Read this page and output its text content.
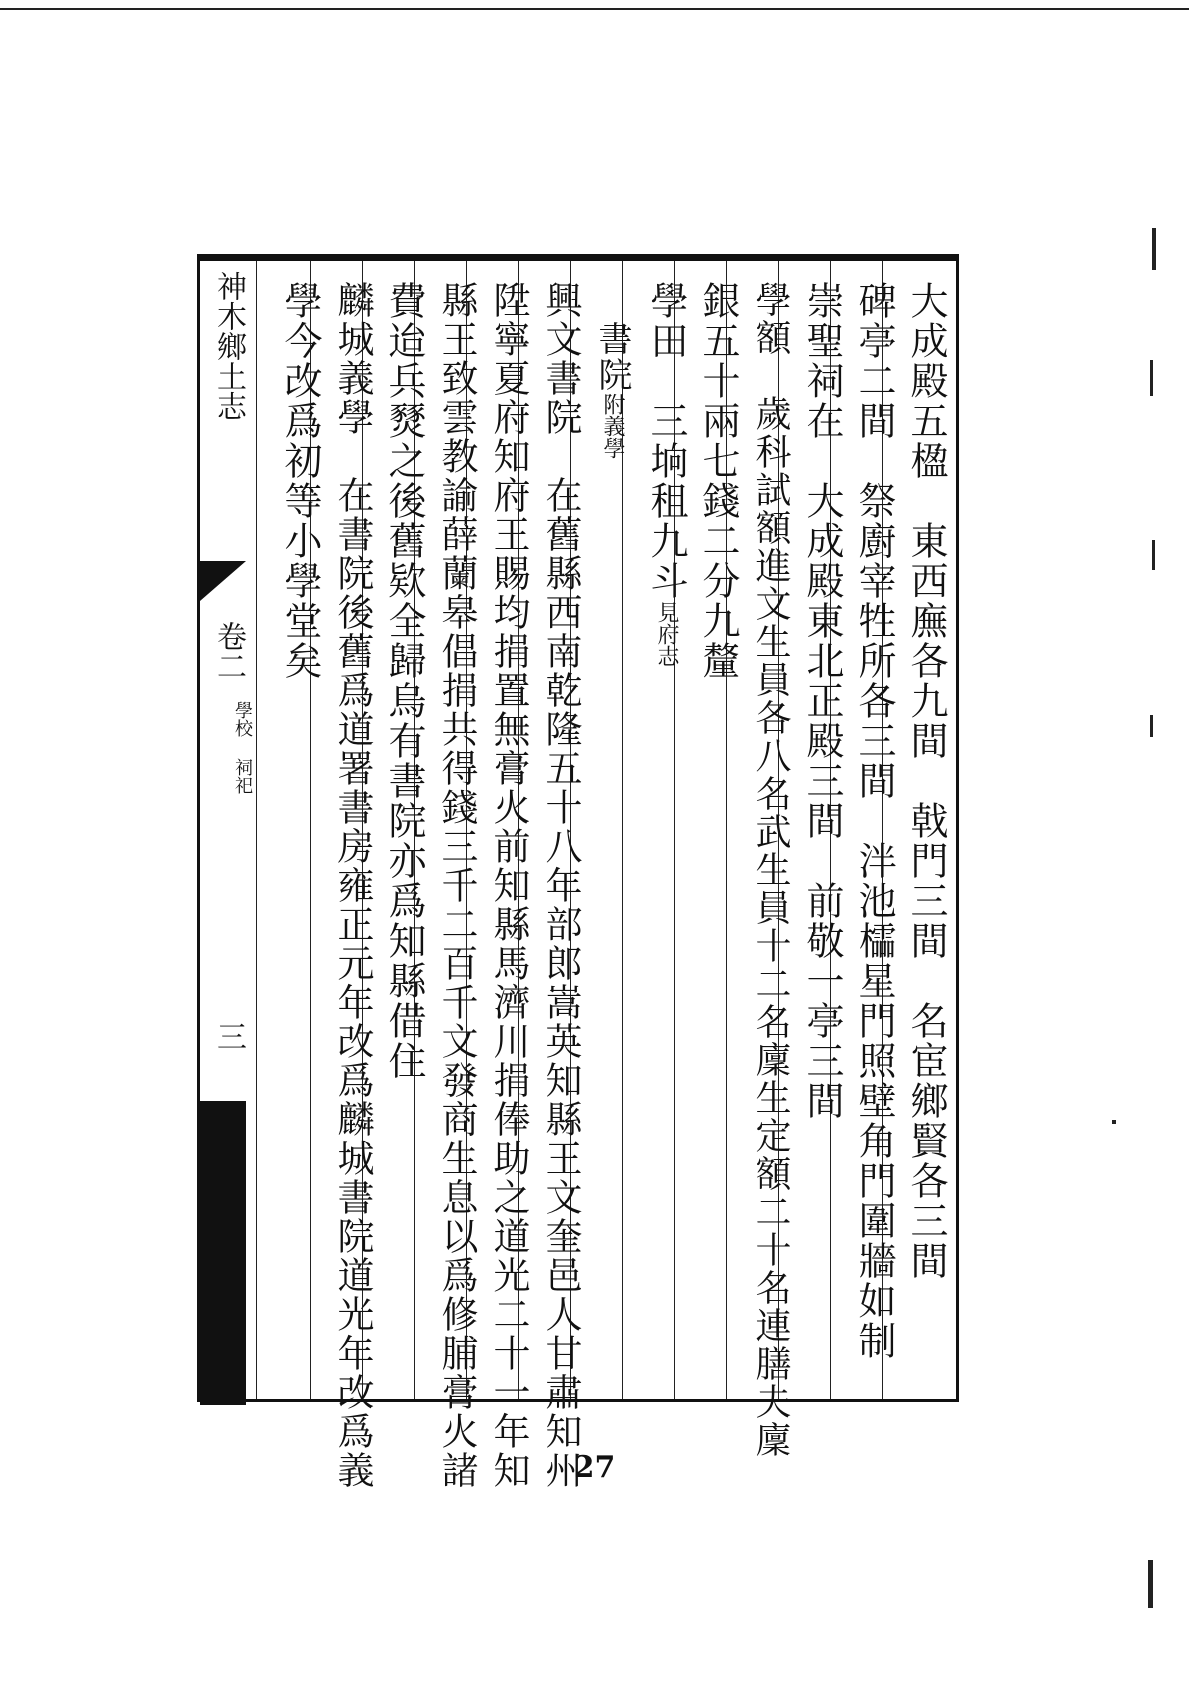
神木鄉土志
卷二
學校 祠祀
三	大成殿五楹　東西廡各九間　戟門三間　名宦鄉賢各三間
碑亭二間　祭廚宰牲所各三間　泮池櫺星門照壁角門圍牆如制
崇聖祠在　大成殿東北正殿三間　前敬一亭三間
學額　歲科試額進文生員各八名武生員十二名廩生定額二十名連膳夫廩
銀五十兩七錢二分九釐
學田　三垧租九斗見府志
書院附義學
興文書院　在舊縣西南乾隆五十八年部郎嵩英知縣王文奎邑人甘肅知州
陞寧夏府知府王賜均捐置無膏火前知縣馬濟川捐俸助之道光二十一年知
縣王致雲教諭薛蘭皋倡捐共得錢三千二百千文發商生息以爲修脯膏火諸
費迨兵燹之後舊欵全歸烏有書院亦爲知縣借住
麟城義學　在書院後舊爲道署書房雍正元年改爲麟城書院道光年改爲義
學今改爲初等小學堂矣
27
